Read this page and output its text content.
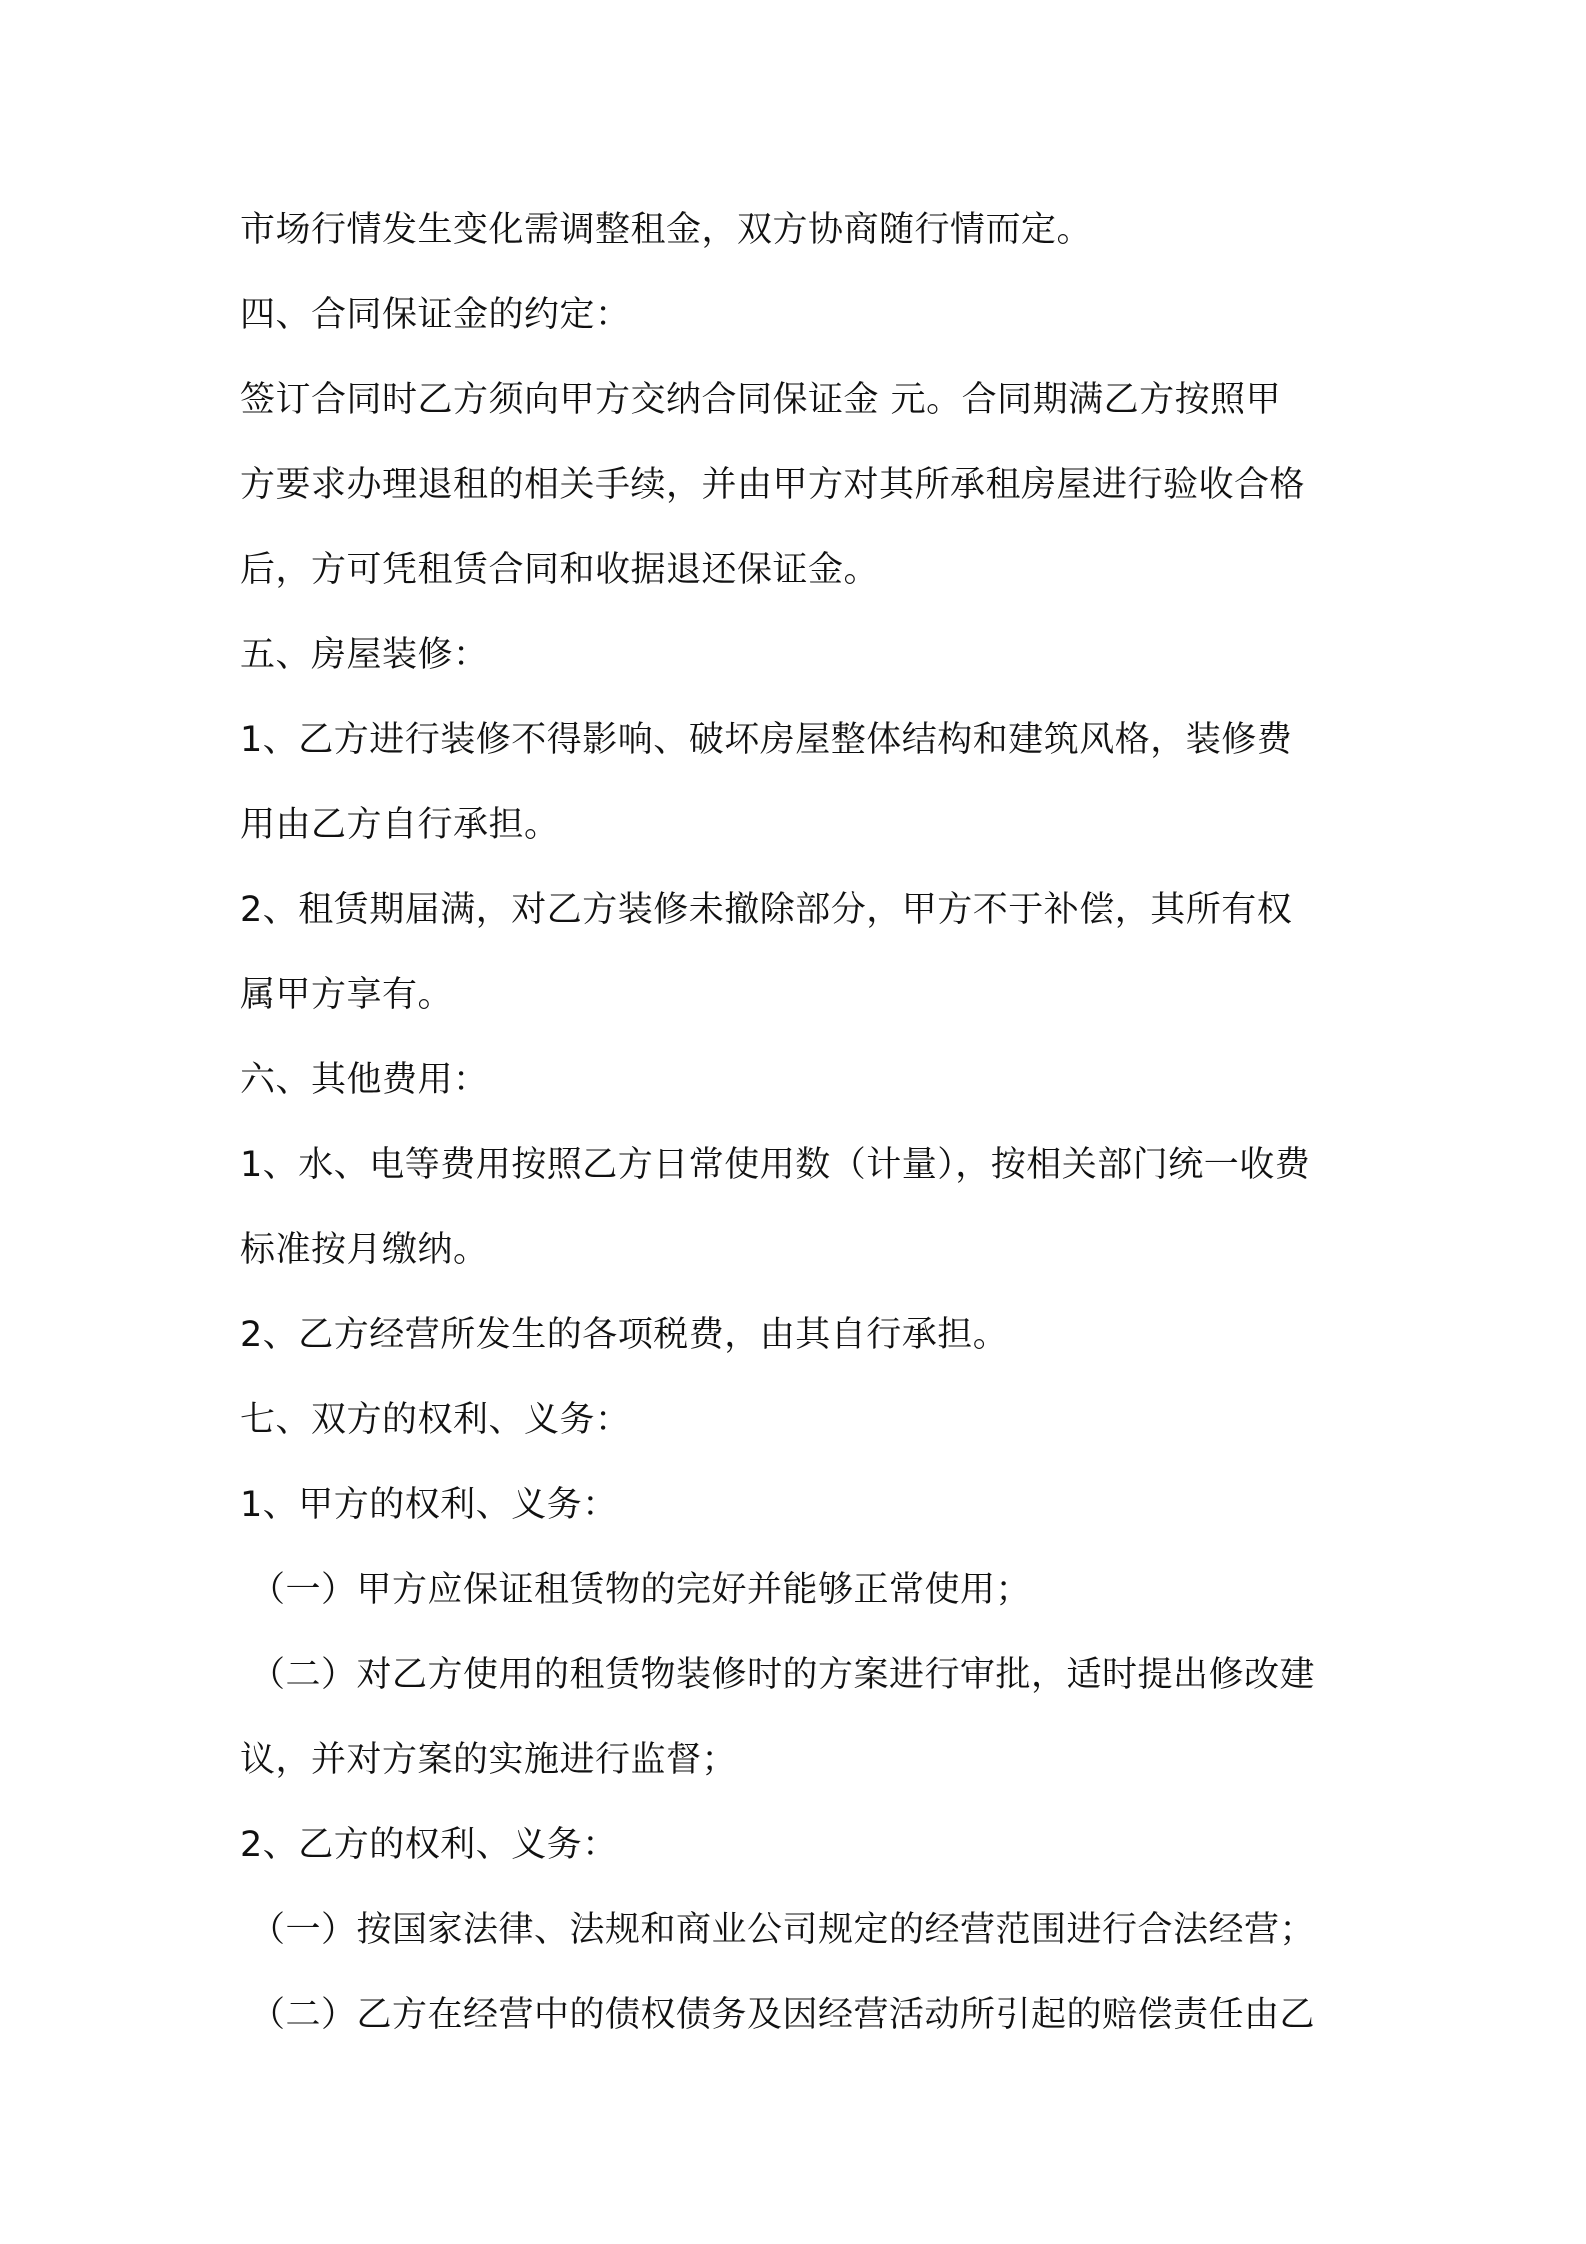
市场行情发生变化需调整租金，双方协商随行情而定。
四、合同保证金的约定：
签订合同时乙方须向甲方交纳合同保证金 元。合同期满乙方按照甲
方要求办理退租的相关手续，并由甲方对其所承租房屋进行验收合格
后，方可凭租赁合同和收据退还保证金。
五、房屋装修：
1、乙方进行装修不得影响、破坏房屋整体结构和建筑风格，装修费
用由乙方自行承担。
2、租赁期届满，对乙方装修未撤除部分，甲方不于补偿，其所有权
属甲方享有。
六、其他费用：
1、水、电等费用按照乙方日常使用数（计量），按相关部门统一收费
标准按月缴纳。
2、乙方经营所发生的各项税费，由其自行承担。
七、双方的权利、义务：
1、甲方的权利、义务：
（一）甲方应保证租赁物的完好并能够正常使用；
（二）对乙方使用的租赁物装修时的方案进行审批，适时提出修改建
议，并对方案的实施进行监督；
2、乙方的权利、义务：
（一）按国家法律、法规和商业公司规定的经营范围进行合法经营；
（二）乙方在经营中的债权债务及因经营活动所引起的赔偿责任由乙
